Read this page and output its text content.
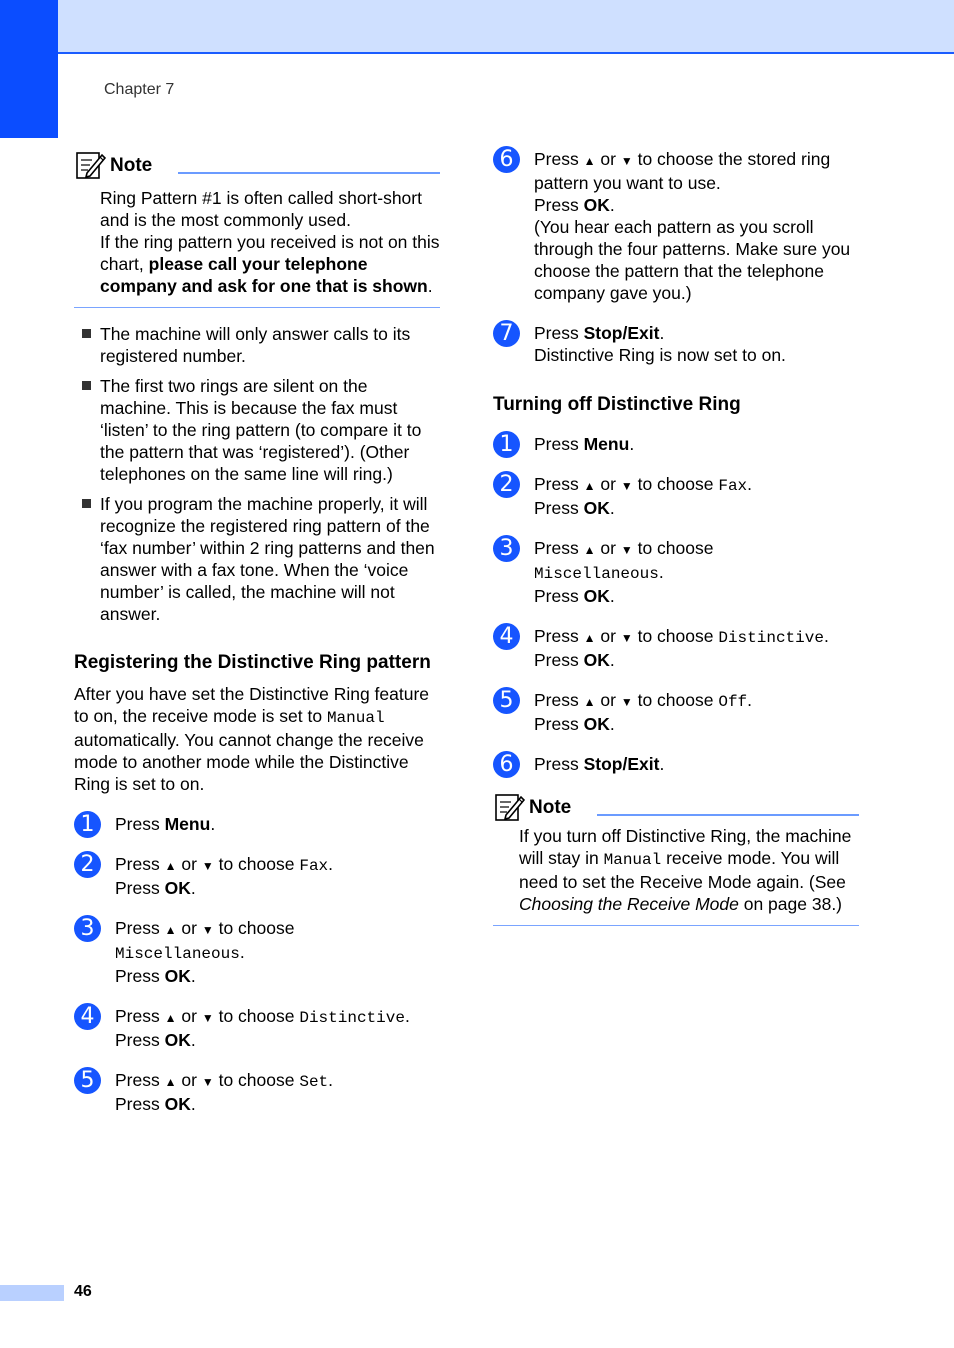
Chapter 7
Note
Ring Pattern #1 is often called short-short and is the most commonly used.
If the ring pattern you received is not on this chart, please call your telephone company and ask for one that is shown.
The machine will only answer calls to its registered number.
The first two rings are silent on the machine. This is because the fax must ‘listen’ to the ring pattern (to compare it to the pattern that was ‘registered’). (Other telephones on the same line will ring.)
If you program the machine properly, it will recognize the registered ring pattern of the ‘fax number’ within 2 ring patterns and then answer with a fax tone. When the ‘voice number’ is called, the machine will not answer.
Registering the Distinctive Ring pattern
After you have set the Distinctive Ring feature to on, the receive mode is set to Manual automatically. You cannot change the receive mode to another mode while the Distinctive Ring is set to on.
1	Press Menu.
2	Press ▲ or ▼ to choose Fax.
Press OK.
3	Press ▲ or ▼ to choose
Miscellaneous.
Press OK.
4	Press ▲ or ▼ to choose Distinctive.
Press OK.
5	Press ▲ or ▼ to choose Set.
Press OK.
6	Press ▲ or ▼ to choose the stored ring pattern you want to use.
Press OK.
(You hear each pattern as you scroll through the four patterns. Make sure you choose the pattern that the telephone company gave you.)
7	Press Stop/Exit.
Distinctive Ring is now set to on.
Turning off Distinctive Ring
1	Press Menu.
2	Press ▲ or ▼ to choose Fax.
Press OK.
3	Press ▲ or ▼ to choose
Miscellaneous.
Press OK.
4	Press ▲ or ▼ to choose Distinctive.
Press OK.
5	Press ▲ or ▼ to choose Off.
Press OK.
6	Press Stop/Exit.
Note
If you turn off Distinctive Ring, the machine will stay in Manual receive mode. You will need to set the Receive Mode again. (See Choosing the Receive Mode on page 38.)
46
